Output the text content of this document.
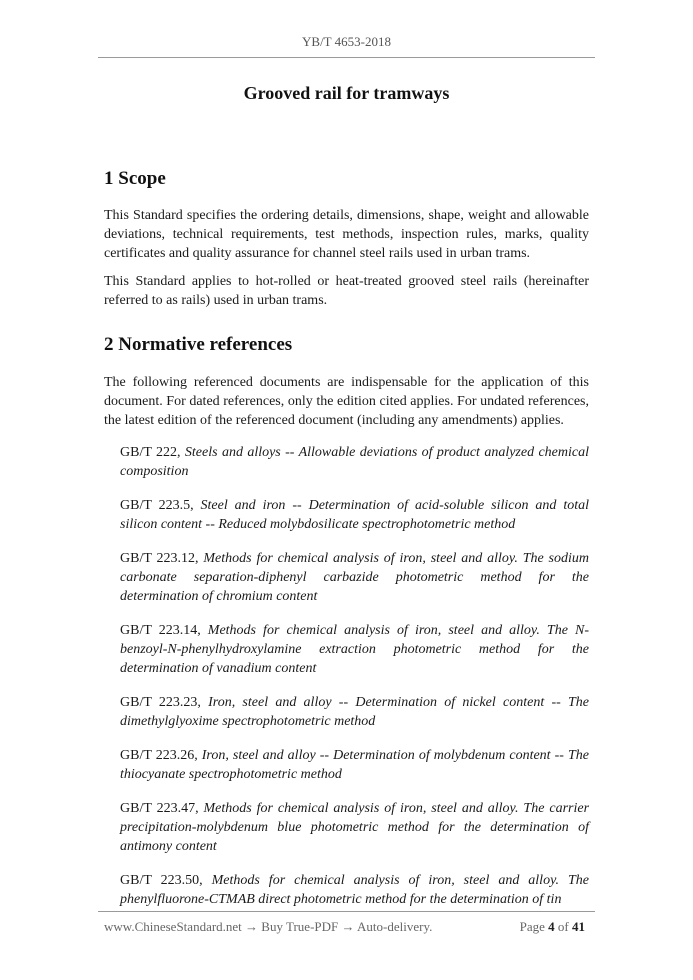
YB/T 4653-2018
Grooved rail for tramways
1 Scope

This Standard specifies the ordering details, dimensions, shape, weight and allowable deviations, technical requirements, test methods, inspection rules, marks, quality certificates and quality assurance for channel steel rails used in urban trams.

This Standard applies to hot-rolled or heat-treated grooved steel rails (hereinafter referred to as rails) used in urban trams.

2 Normative references

The following referenced documents are indispensable for the application of this document. For dated references, only the edition cited applies. For undated references, the latest edition of the referenced document (including any amendments) applies.

GB/T 222, Steels and alloys -- Allowable deviations of product analyzed chemical composition

GB/T 223.5, Steel and iron -- Determination of acid-soluble silicon and total silicon content -- Reduced molybdosilicate spectrophotometric method

GB/T 223.12, Methods for chemical analysis of iron, steel and alloy. The sodium carbonate separation-diphenyl carbazide photometric method for the determination of chromium content

GB/T 223.14, Methods for chemical analysis of iron, steel and alloy. The N-benzoyl-N-phenylhydroxylamine extraction photometric method for the determination of vanadium content

GB/T 223.23, Iron, steel and alloy -- Determination of nickel content -- The dimethylglyoxime spectrophotometric method

GB/T 223.26, Iron, steel and alloy -- Determination of molybdenum content -- The thiocyanate spectrophotometric method

GB/T 223.47, Methods for chemical analysis of iron, steel and alloy. The carrier precipitation-molybdenum blue photometric method for the determination of antimony content

GB/T 223.50, Methods for chemical analysis of iron, steel and alloy. The phenylfluorone-CTMAB direct photometric method for the determination of tin

www.ChineseStandard.net → Buy True-PDF → Auto-delivery.	Page 4 of 41
